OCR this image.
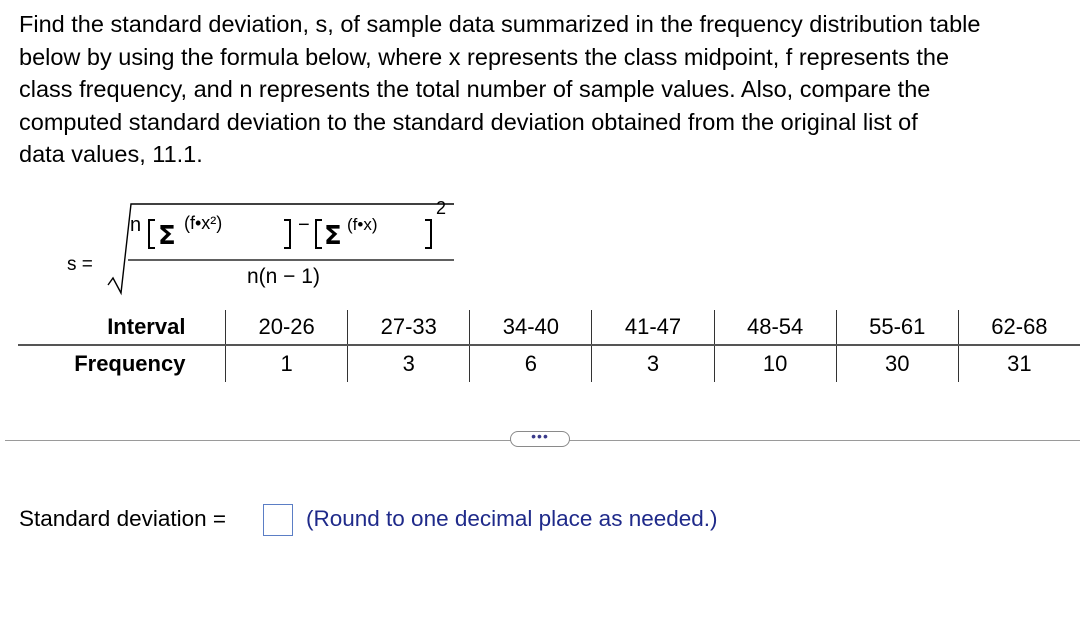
Find the standard deviation, s, of sample data summarized in the frequency distribution table
below by using the formula below, where x represents the class midpoint, f represents the
class frequency, and n represents the total number of sample values. Also, compare the
computed standard deviation to the standard deviation obtained from the original list of
data values, 11.1.
s =
Σ	Σ
n (f•x²)	− (f•x)
2
n(n − 1)
Interval		20-26	27-33	34-40	41-47	48-54	55-61	62-68
Frequency		1	3	6	3	10	30	31
•••
Standard deviation =	(Round to one decimal place as needed.)
